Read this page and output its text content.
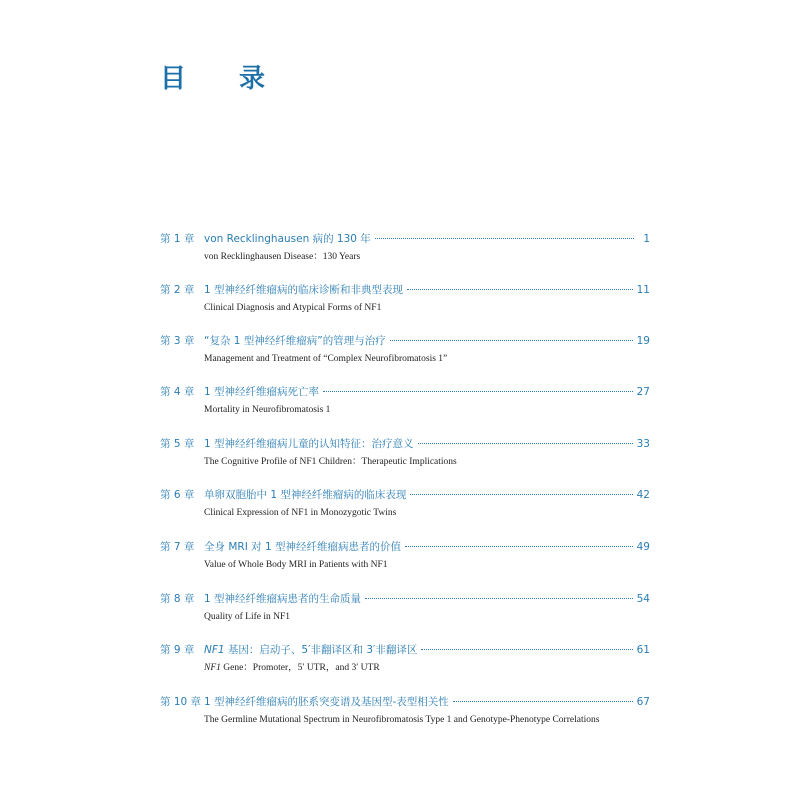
目 录
第 1 章 von Recklinghausen 病的 130 年	1
von Recklinghausen Disease：130 Years
第 2 章 1 型神经纤维瘤病的临床诊断和非典型表现	11
Clinical Diagnosis and Atypical Forms of NF1
第 3 章 “复杂 1 型神经纤维瘤病”的管理与治疗	19
Management and Treatment of “Complex Neurofibromatosis 1”
第 4 章 1 型神经纤维瘤病死亡率	27
Mortality in Neurofibromatosis 1
第 5 章 1 型神经纤维瘤病儿童的认知特征：治疗意义	33
The Cognitive Profile of NF1 Children：Therapeutic Implications
第 6 章 单卵双胞胎中 1 型神经纤维瘤病的临床表现	42
Clinical Expression of NF1 in Monozygotic Twins
第 7 章 全身 MRI 对 1 型神经纤维瘤病患者的价值	49
Value of Whole Body MRI in Patients with NF1
第 8 章 1 型神经纤维瘤病患者的生命质量	54
Quality of Life in NF1
第 9 章 NF1 基因：启动子、5′非翻译区和 3′非翻译区	61
NF1 Gene：Promoter，5′ UTR，and 3′ UTR
第 10 章 1 型神经纤维瘤病的胚系突变谱及基因型-表型相关性	67
The Germline Mutational Spectrum in Neurofibromatosis Type 1 and Genotype-Phenotype Correlations
